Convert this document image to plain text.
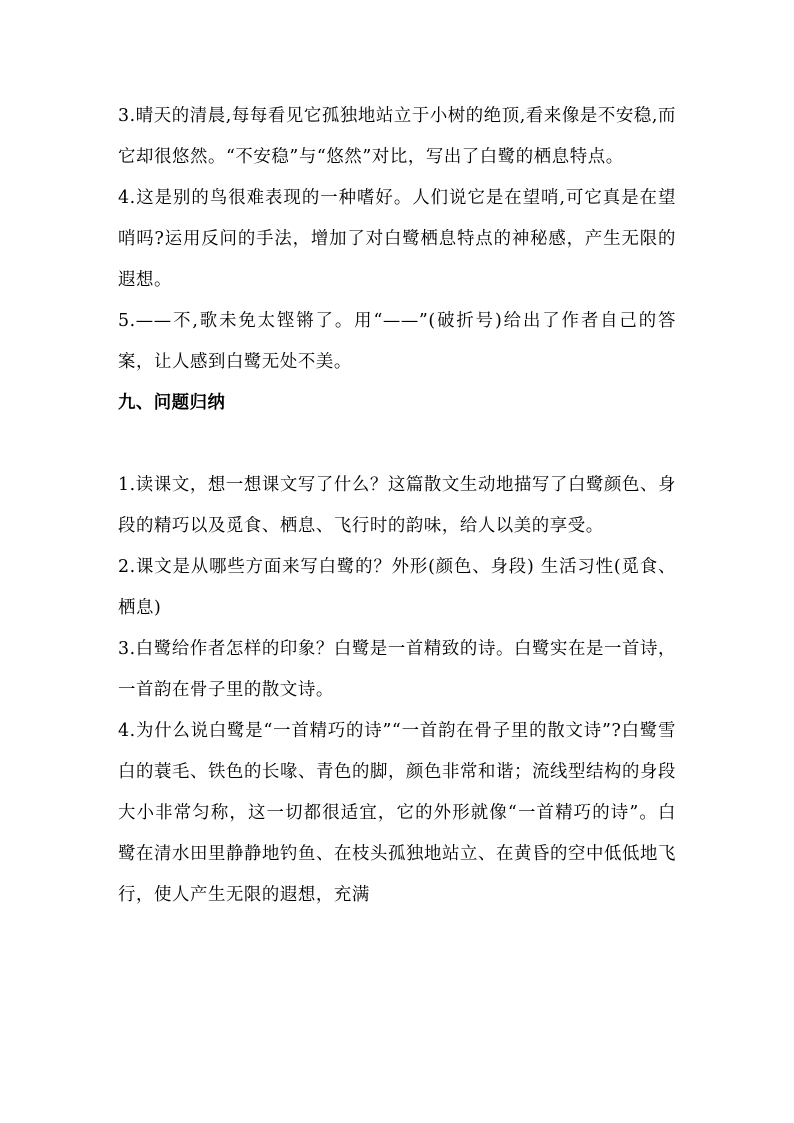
3.晴天的清晨,每每看见它孤独地站立于小树的绝顶,看来像是不安稳,而它却很悠然。“不安稳”与“悠然”对比，写出了白鹭的栖息特点。

4.这是别的鸟很难表现的一种嗜好。人们说它是在望哨,可它真是在望哨吗?运用反问的手法，增加了对白鹭栖息特点的神秘感，产生无限的遐想。

5.——不,歌未免太铿锵了。用“——”(破折号)给出了作者自己的答案，让人感到白鹭无处不美。

九、问题归纳

1.读课文，想一想课文写了什么？这篇散文生动地描写了白鹭颜色、身段的精巧以及觅食、栖息、飞行时的韵味，给人以美的享受。

2.课文是从哪些方面来写白鹭的？外形(颜色、身段) 生活习性(觅食、栖息)

3.白鹭给作者怎样的印象？白鹭是一首精致的诗。白鹭实在是一首诗，一首韵在骨子里的散文诗。

4.为什么说白鹭是“一首精巧的诗”“一首韵在骨子里的散文诗”?白鹭雪白的蓑毛、铁色的长喙、青色的脚，颜色非常和谐；流线型结构的身段大小非常匀称，这一切都很适宜，它的外形就像“一首精巧的诗”。白鹭在清水田里静静地钓鱼、在枝头孤独地站立、在黄昏的空中低低地飞行，使人产生无限的遐想，充满
